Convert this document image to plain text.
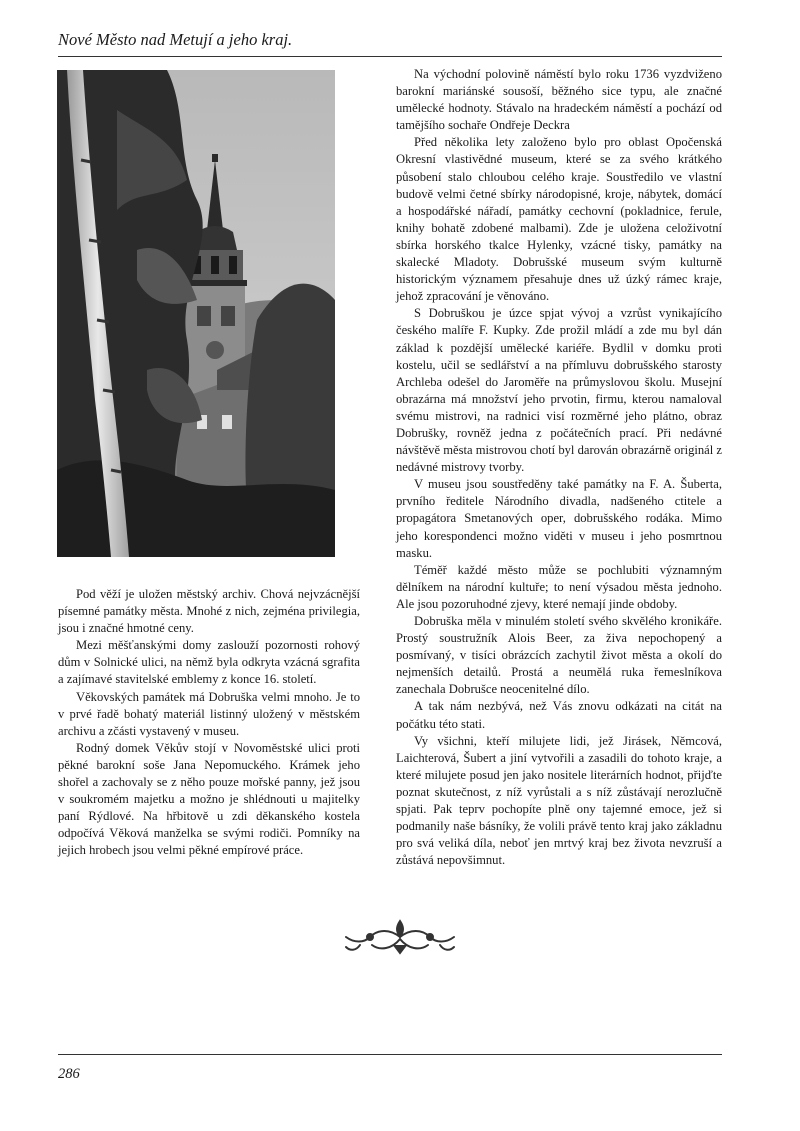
Nové Město nad Metují a jeho kraj.

Pod věží je uložen městský archiv. Chová nejvzácnější písemné památky města. Mnohé z nich, zejména privilegia, jsou i značné hmotné ceny.

Mezi měšťanskými domy zaslouží pozornosti rohový dům v Solnické ulici, na němž byla odkryta vzácná sgrafita a zajímavé stavitelské emblemy z konce 16. století.

Věkovských památek má Dobruška velmi mnoho. Je to v prvé řadě bohatý materiál listinný uložený v městském archivu a zčásti vystavený v museu.

Rodný domek Věkův stojí v Novoměstské ulici proti pěkné barokní soše Jana Nepomuckého. Krámek jeho shořel a zachovaly se z něho pouze mořské panny, jež jsou v soukromém majetku a možno je shlédnouti u majitelky paní Rýdlové. Na hřbitově u zdi děkanského kostela odpočívá Věková manželka se svými rodiči. Pomníky na jejich hrobech jsou velmi pěkné empírové práce.

Na východní polovině náměstí bylo roku 1736 vyzdviženo barokní mariánské sousoší, běžného sice typu, ale značné umělecké hodnoty. Stávalo na hradeckém náměstí a pochází od tamějšího sochaře Ondřeje Deckra

Před několika lety založeno bylo pro oblast Opočenská Okresní vlastivědné museum, které se za svého krátkého působení stalo chloubou celého kraje. Soustředilo ve vlastní budově velmi četné sbírky národopisné, kroje, nábytek, domácí a hospodářské nářadí, památky cechovní (pokladnice, ferule, knihy bohatě zdobené malbami). Zde je uložena celoživotní sbírka horského tkalce Hylenky, vzácné tisky, památky na skalecké Mladoty. Dobrušské museum svým kulturně historickým významem přesahuje dnes už úzký rámec kraje, jehož zpracování je věnováno.

S Dobruškou je úzce spjat vývoj a vzrůst vynikajícího českého malíře F. Kupky. Zde prožil mládí a zde mu byl dán základ k pozdější umělecké kariéře. Bydlil v domku proti kostelu, učil se sedlářství a na přímluvu dobrušského starosty Archleba odešel do Jaroměře na průmyslovou školu. Musejní obrazárna má množství jeho prvotin, firmu, kterou namaloval svému mistrovi, na radnici visí rozměrné jeho plátno, obraz Dobrušky, rovněž jedna z počátečních prací. Při nedávné návštěvě města mistrovou chotí byl darován obrazárně originál z nedávné mistrovy tvorby.

V museu jsou soustředěny také památky na F. A. Šuberta, prvního ředitele Národního divadla, nadšeného ctitele a propagátora Smetanových oper, dobrušského rodáka. Mimo jeho korespondenci možno viděti v museu i jeho posmrtnou masku.

Téměř každé město může se pochlubiti významným dělníkem na národní kultuře; to není výsadou města jednoho. Ale jsou pozoruhodné zjevy, které nemají jinde obdoby.

Dobruška měla v minulém století svého skvělého kronikáře. Prostý soustružník Alois Beer, za živa nepochopený a posmívaný, v tisíci obrázcích zachytil život města a okolí do nejmenších detailů. Prostá a neumělá ruka řemeslníkova zanechala Dobrušce neocenitelné dílo.

A tak nám nezbývá, než Vás znovu odkázati na citát na počátku této stati.

Vy všichni, kteří milujete lidi, jež Jirásek, Němcová, Laichterová, Šubert a jiní vytvořili a zasadili do tohoto kraje, a které milujete posud jen jako nositele literárních hodnot, přijďte poznat skutečnost, z níž vyrůstali a s níž zůstávají nerozlučně spjati. Pak teprv pochopíte plně ony tajemné emoce, jež si podmanily naše básníky, že volili právě tento kraj jako základnu pro svá veliká díla, neboť jen mrtvý kraj bez života nevzruší a zůstává nepovšimnut.

286
